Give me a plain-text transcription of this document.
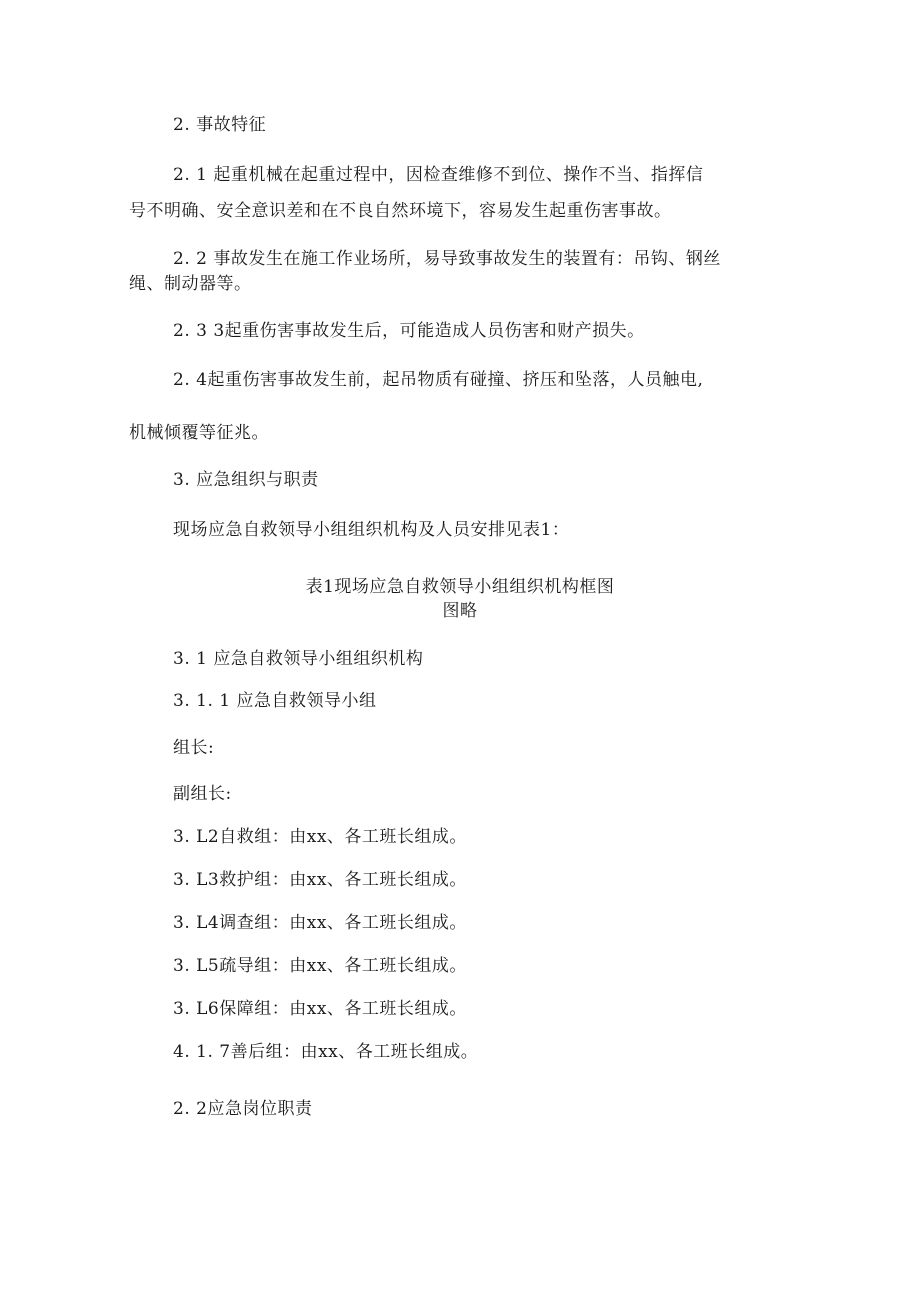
2. 事故特征
2. 1 起重机械在起重过程中，因检查维修不到位、操作不当、指挥信
号不明确、安全意识差和在不良自然环境下，容易发生起重伤害事故。
2. 2 事故发生在施工作业场所，易导致事故发生的装置有：吊钩、钢丝
绳、制动器等。
2. 3 3起重伤害事故发生后，可能造成人员伤害和财产损失。
2. 4起重伤害事故发生前，起吊物质有碰撞、挤压和坠落，人员触电,
机械倾覆等征兆。
3. 应急组织与职责
现场应急自救领导小组组织机构及人员安排见表1：
表1现场应急自救领导小组组织机构框图
图略
3. 1 应急自救领导小组组织机构
3. 1. 1 应急自救领导小组
组长:
副组长:
3. L2自救组：由xx、各工班长组成。
3. L3救护组：由xx、各工班长组成。
3. L4调查组：由xx、各工班长组成。
3. L5疏导组：由xx、各工班长组成。
3. L6保障组：由xx、各工班长组成。
4. 1. 7善后组：由xx、各工班长组成。
2. 2应急岗位职责
